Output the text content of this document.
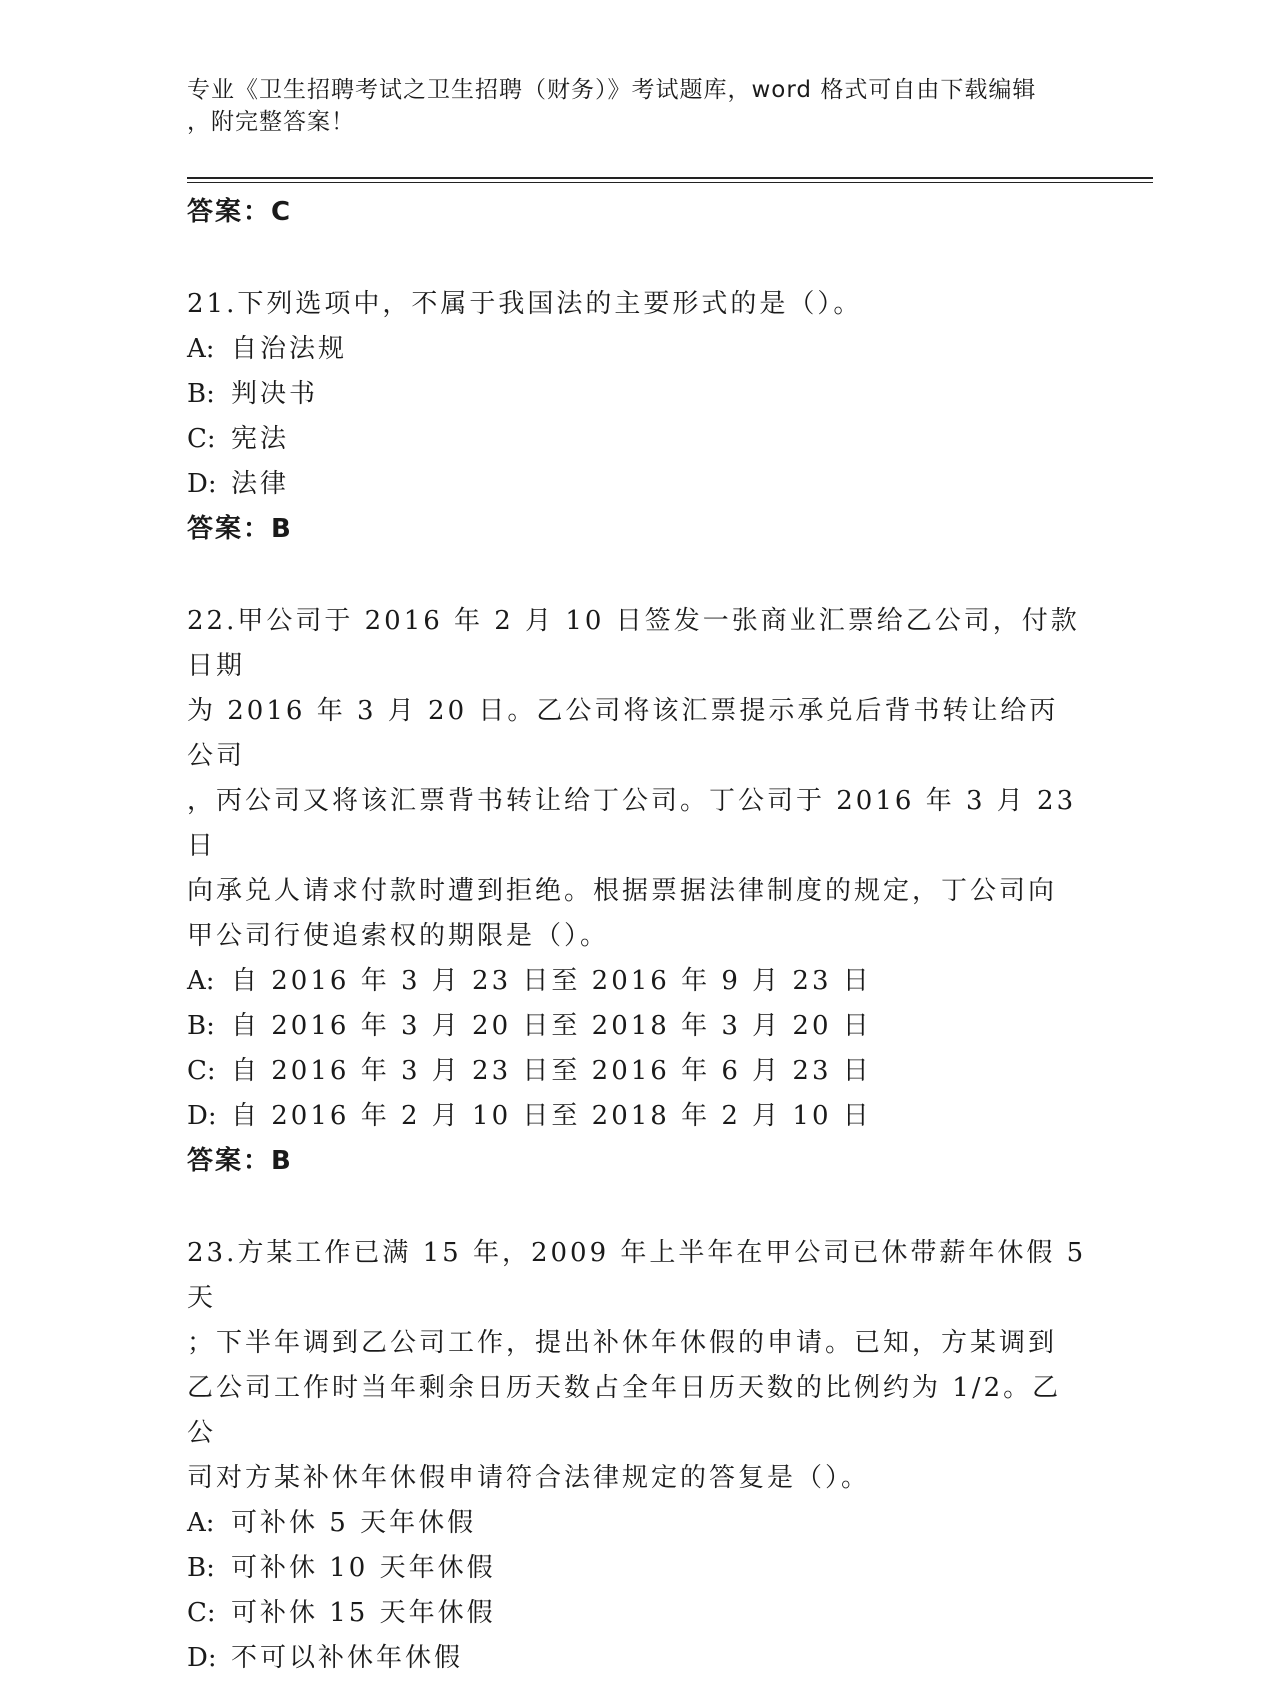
专业《卫生招聘考试之卫生招聘（财务）》考试题库，word 格式可自由下载编辑
，附完整答案！
答案：C
21.下列选项中，不属于我国法的主要形式的是（）。
A: 自治法规
B: 判决书
C: 宪法
D: 法律
答案：B
22.甲公司于 2016 年 2 月 10 日签发一张商业汇票给乙公司，付款日期
为 2016 年 3 月 20 日。乙公司将该汇票提示承兑后背书转让给丙公司
，丙公司又将该汇票背书转让给丁公司。丁公司于 2016 年 3 月 23 日
向承兑人请求付款时遭到拒绝。根据票据法律制度的规定，丁公司向
甲公司行使追索权的期限是（）。
A: 自 2016 年 3 月 23 日至 2016 年 9 月 23 日
B: 自 2016 年 3 月 20 日至 2018 年 3 月 20 日
C: 自 2016 年 3 月 23 日至 2016 年 6 月 23 日
D: 自 2016 年 2 月 10 日至 2018 年 2 月 10 日
答案：B
23.方某工作已满 15 年，2009 年上半年在甲公司已休带薪年休假 5 天
；下半年调到乙公司工作，提出补休年休假的申请。已知，方某调到
乙公司工作时当年剩余日历天数占全年日历天数的比例约为 1/2。乙公
司对方某补休年休假申请符合法律规定的答复是（）。
A: 可补休 5 天年休假
B: 可补休 10 天年休假
C: 可补休 15 天年休假
D: 不可以补休年休假
